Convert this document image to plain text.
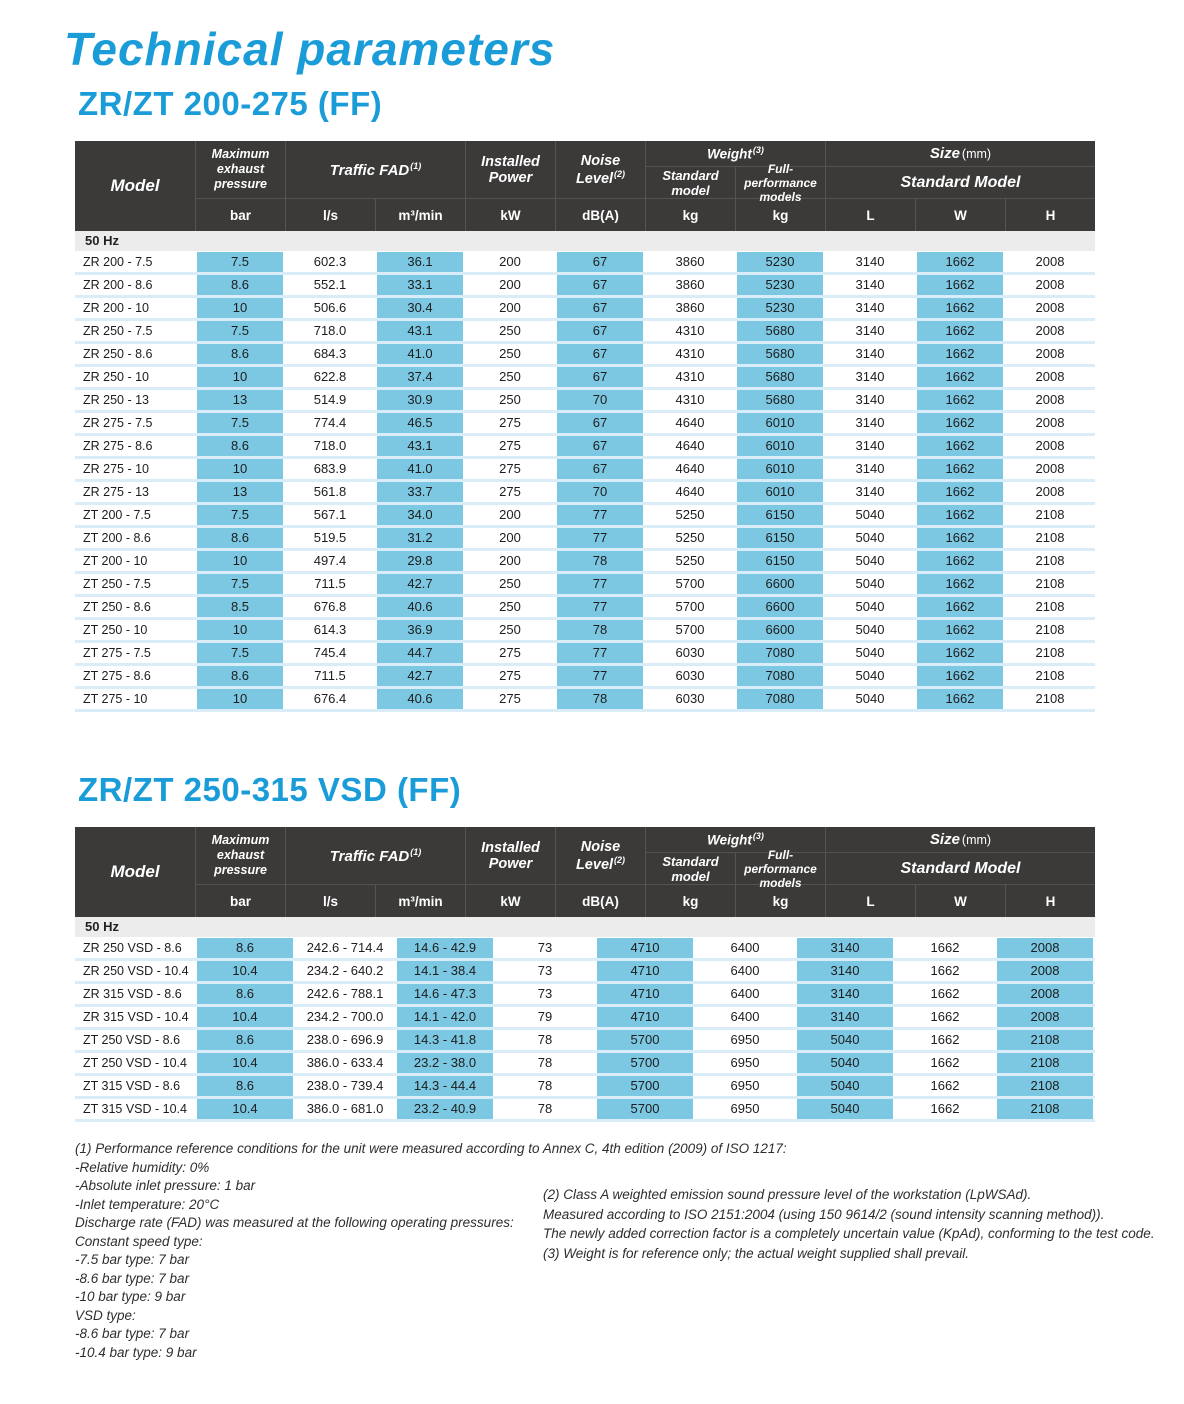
Technical parameters
ZR/ZT 200-275 (FF)
Model
Maximum exhaust
pressure
Traffic FAD$^{(1)}$	Installed Power
Noise Level$^{(2)}$
Weight$^{(3)}$
Standard model
Full-performance models
Size (mm)
Standard Model
bar	l/s	m³/min	kW	dB(A)	kg	kg	L	W	H
50 Hz
ZR 200 - 7.5	7.5	602.3	36.1	200	67	3860	5230	3140	1662	2008
ZR 200 - 8.6	8.6	552.1	33.1	200	67	3860	5230	3140	1662	2008
ZR 200 - 10	10	506.6	30.4	200	67	3860	5230	3140	1662	2008
ZR 250 - 7.5	7.5	718.0	43.1	250	67	4310	5680	3140	1662	2008
ZR 250 - 8.6	8.6	684.3	41.0	250	67	4310	5680	3140	1662	2008
ZR 250 - 10	10	622.8	37.4	250	67	4310	5680	3140	1662	2008
ZR 250 - 13	13	514.9	30.9	250	70	4310	5680	3140	1662	2008
ZR 275 - 7.5	7.5	774.4	46.5	275	67	4640	6010	3140	1662	2008
ZR 275 - 8.6	8.6	718.0	43.1	275	67	4640	6010	3140	1662	2008
ZR 275 - 10	10	683.9	41.0	275	67	4640	6010	3140	1662	2008
ZR 275 - 13	13	561.8	33.7	275	70	4640	6010	3140	1662	2008
ZT 200 - 7.5	7.5	567.1	34.0	200	77	5250	6150	5040	1662	2108
ZT 200 - 8.6	8.6	519.5	31.2	200	77	5250	6150	5040	1662	2108
ZT 200 - 10	10	497.4	29.8	200	78	5250	6150	5040	1662	2108
ZT 250 - 7.5	7.5	711.5	42.7	250	77	5700	6600	5040	1662	2108
ZT 250 - 8.6	8.5	676.8	40.6	250	77	5700	6600	5040	1662	2108
ZT 250 - 10	10	614.3	36.9	250	78	5700	6600	5040	1662	2108
ZT 275 - 7.5	7.5	745.4	44.7	275	77	6030	7080	5040	1662	2108
ZT 275 - 8.6	8.6	711.5	42.7	275	77	6030	7080	5040	1662	2108
ZT 275 - 10	10	676.4	40.6	275	78	6030	7080	5040	1662	2108
ZR/ZT 250-315 VSD (FF)
Model
Maximum exhaust
pressure
Traffic FAD$^{(1)}$	Installed Power
Noise Level$^{(2)}$
Weight$^{(3)}$
Standard model
Full-performance models
Size (mm)
Standard Model
bar	l/s	m³/min	kW	dB(A)	kg	kg	L	W	H
50 Hz
ZR 250 VSD - 8.6	8.6	242.6 - 714.4	14.6 - 42.9	73	4710	6400	3140	1662	2008
ZR 250 VSD - 10.4	10.4	234.2 - 640.2	14.1 - 38.4	73	4710	6400	3140	1662	2008
ZR 315 VSD - 8.6	8.6	242.6 - 788.1	14.6 - 47.3	73	4710	6400	3140	1662	2008
ZR 315 VSD - 10.4	10.4	234.2 - 700.0	14.1 - 42.0	79	4710	6400	3140	1662	2008
ZT 250 VSD - 8.6	8.6	238.0 - 696.9	14.3 - 41.8	78	5700	6950	5040	1662	2108
ZT 250 VSD - 10.4	10.4	386.0 - 633.4	23.2 - 38.0	78	5700	6950	5040	1662	2108
ZT 315 VSD - 8.6	8.6	238.0 - 739.4	14.3 - 44.4	78	5700	6950	5040	1662	2108
ZT 315 VSD - 10.4	10.4	386.0 - 681.0	23.2 - 40.9	78	5700	6950	5040	1662	2108
(1) Performance reference conditions for the unit were measured according to Annex C, 4th edition (2009) of ISO 1217:
-Relative humidity: 0%
-Absolute inlet pressure: 1 bar
-Inlet temperature: 20°C
Discharge rate (FAD) was measured at the following operating pressures:
Constant speed type:
-7.5 bar type: 7 bar
-8.6 bar type: 7 bar
-10 bar type: 9 bar
VSD type:
-8.6 bar type: 7 bar
-10.4 bar type: 9 bar
(2) Class A weighted emission sound pressure level of the workstation (LpWSAd).
Measured according to ISO 2151:2004 (using 150 9614/2 (sound intensity scanning method)).
The newly added correction factor is a completely uncertain value (KpAd), conforming to the test code.
(3) Weight is for reference only; the actual weight supplied shall prevail.
